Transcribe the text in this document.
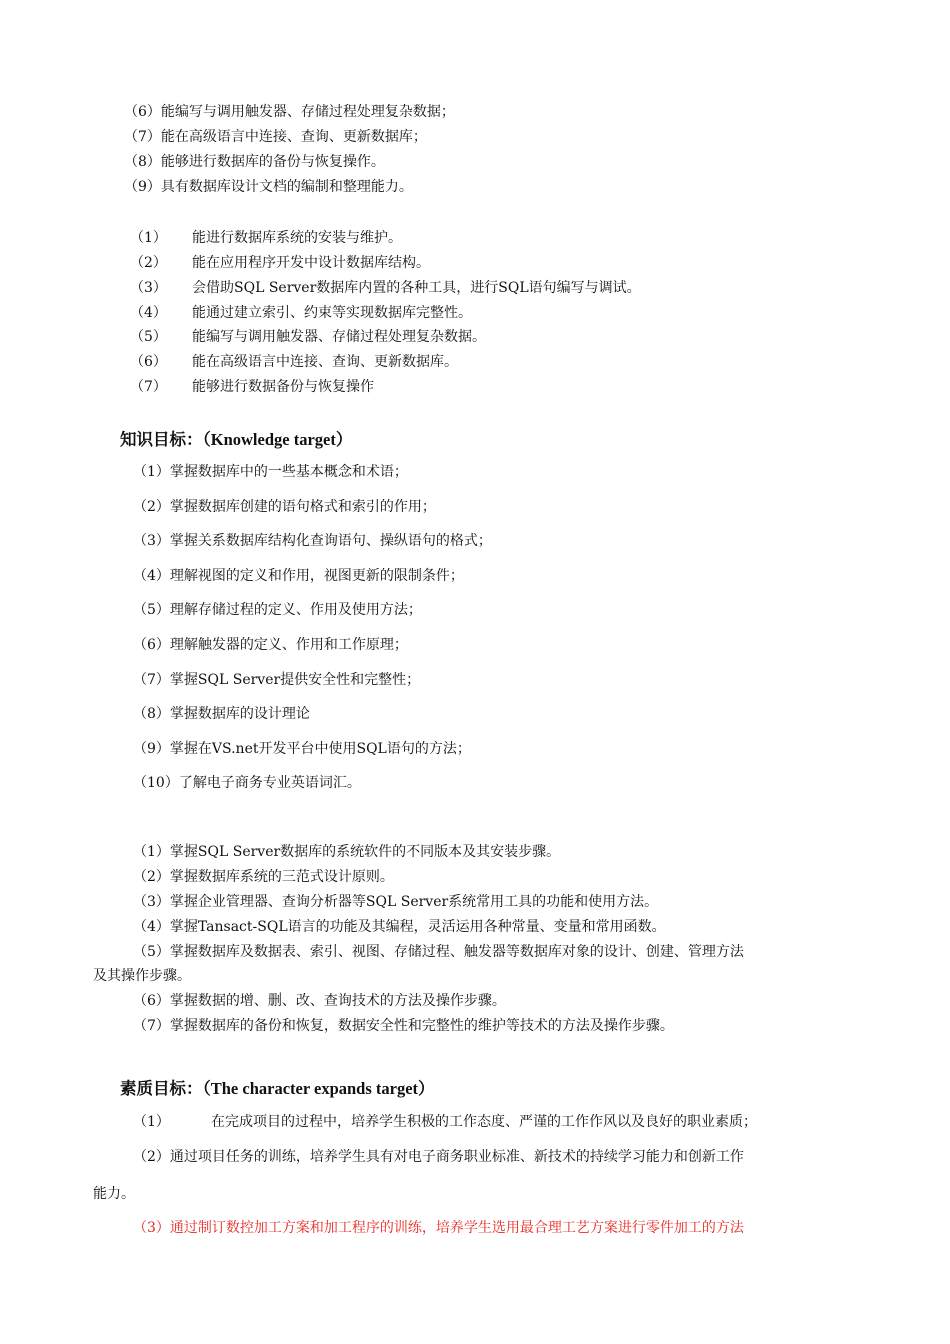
（6）能编写与调用触发器、存储过程处理复杂数据；
（7）能在高级语言中连接、查询、更新数据库；
（8）能够进行数据库的备份与恢复操作。
（9）具有数据库设计文档的编制和整理能力。
（1） 能进行数据库系统的安装与维护。
（2） 能在应用程序开发中设计数据库结构。
（3） 会借助SQL Server数据库内置的各种工具，进行SQL语句编写与调试。
（4） 能通过建立索引、约束等实现数据库完整性。
（5） 能编写与调用触发器、存储过程处理复杂数据。
（6） 能在高级语言中连接、查询、更新数据库。
（7） 能够进行数据备份与恢复操作
知识目标：（Knowledge target）
（1）掌握数据库中的一些基本概念和术语；
（2）掌握数据库创建的语句格式和索引的作用；
（3）掌握关系数据库结构化查询语句、操纵语句的格式；
（4）理解视图的定义和作用，视图更新的限制条件；
（5）理解存储过程的定义、作用及使用方法；
（6）理解触发器的定义、作用和工作原理；
（7）掌握SQL Server提供安全性和完整性；
（8）掌握数据库的设计理论
（9）掌握在VS.net开发平台中使用SQL语句的方法；
（10）了解电子商务专业英语词汇。
（1）掌握SQL Server数据库的系统软件的不同版本及其安装步骤。
（2）掌握数据库系统的三范式设计原则。
（3）掌握企业管理器、查询分析器等SQL Server系统常用工具的功能和使用方法。
（4）掌握Tansact-SQL语言的功能及其编程，灵活运用各种常量、变量和常用函数。
（5）掌握数据库及数据表、索引、视图、存储过程、触发器等数据库对象的设计、创建、管理方法
及其操作步骤。
（6）掌握数据的增、删、改、查询技术的方法及操作步骤。
（7）掌握数据库的备份和恢复，数据安全性和完整性的维护等技术的方法及操作步骤。
素质目标：（The character expands target）
（1）	在完成项目的过程中，培养学生积极的工作态度、严谨的工作作风以及良好的职业素质；
（2）通过项目任务的训练，培养学生具有对电子商务职业标准、新技术的持续学习能力和创新工作
能力。
（3）通过制订数控加工方案和加工程序的训练，培养学生选用最合理工艺方案进行零件加工的方法
